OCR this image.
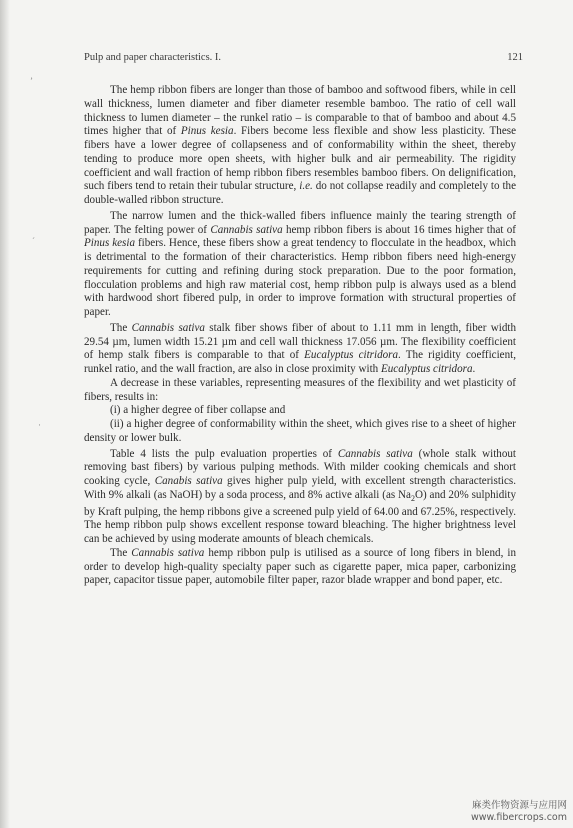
Pulp and paper characteristics. I.	121
’
´
·

The hemp ribbon fibers are longer than those of bamboo and softwood fibers, while in cell wall thickness, lumen diameter and fiber diameter resemble bamboo. The ratio of cell wall thickness to lumen diameter – the runkel ratio – is comparable to that of bamboo and about 4.5 times higher that of Pinus kesia. Fibers become less flexible and show less plasticity. These fibers have a lower degree of collapseness and of conformability within the sheet, thereby tending to produce more open sheets, with higher bulk and air permeability. The rigidity coefficient and wall fraction of hemp ribbon fibers resembles bamboo fibers. On delignification, such fibers tend to retain their tubular structure, i.e. do not collapse readily and completely to the double-walled ribbon structure.

The narrow lumen and the thick-walled fibers influence mainly the tearing strength of paper. The felting power of Cannabis sativa hemp ribbon fibers is about 16 times higher that of Pinus kesia fibers. Hence, these fibers show a great tendency to flocculate in the headbox, which is detrimental to the formation of their characteristics. Hemp ribbon fibers need high-energy requirements for cutting and refining during stock preparation. Due to the poor formation, flocculation problems and high raw material cost, hemp ribbon pulp is always used as a blend with hardwood short fibered pulp, in order to improve formation with structural properties of paper.

The Cannabis sativa stalk fiber shows fiber of about to 1.11 mm in length, fiber width 29.54 µm, lumen width 15.21 µm and cell wall thickness 17.056 µm. The flexibility coefficient of hemp stalk fibers is comparable to that of Eucalyptus citridora. The rigidity coefficient, runkel ratio, and the wall fraction, are also in close proximity with Eucalyptus citridora.

A decrease in these variables, representing measures of the flexibility and wet plasticity of fibers, results in:

(i) a higher degree of fiber collapse and

(ii) a higher degree of conformability within the sheet, which gives rise to a sheet of higher density or lower bulk.

Table 4 lists the pulp evaluation properties of Cannabis sativa (whole stalk without removing bast fibers) by various pulping methods. With milder cooking chemicals and short cooking cycle, Canabis sativa gives higher pulp yield, with excellent strength characteristics. With 9% alkali (as NaOH) by a soda process, and 8% active alkali (as $Na_2O$) and 20% sulphidity by Kraft pulping, the hemp ribbons give a screened pulp yield of 64.00 and 67.25%, respectively. The hemp ribbon pulp shows excellent response toward bleaching. The higher brightness level can be achieved by using moderate amounts of bleach chemicals.

The Cannabis sativa hemp ribbon pulp is utilised as a source of long fibers in blend, in order to develop high-quality specialty paper such as cigarette paper, mica paper, carbonizing paper, capacitor tissue paper, automobile filter paper, razor blade wrapper and bond paper, etc.

麻类作物资源与应用网
www.fibercrops.com
